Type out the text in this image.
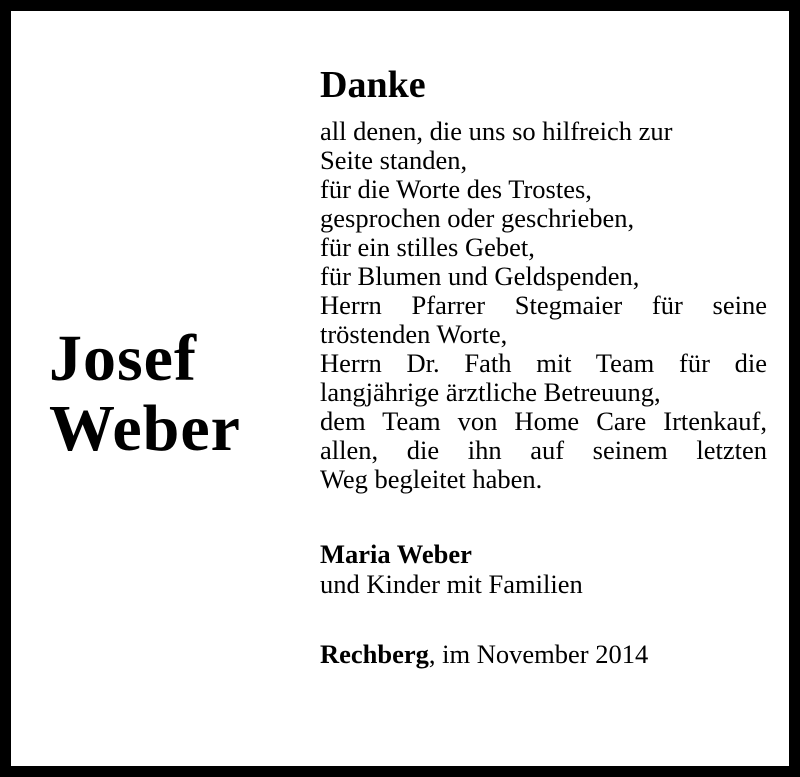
Josef
Weber
Danke
all denen, die uns so hilfreich zur
Seite standen,
für die Worte des Trostes,
gesprochen oder geschrieben,
für ein stilles Gebet,
für Blumen und Geldspenden,
Herrn Pfarrer Stegmaier für seine
tröstenden Worte,
Herrn Dr. Fath mit Team für die
langjährige ärztliche Betreuung,
dem Team von Home Care Irtenkauf,
allen, die ihn auf seinem letzten
Weg begleitet haben.
Maria Weber
und Kinder mit Familien
Rechberg, im November 2014
